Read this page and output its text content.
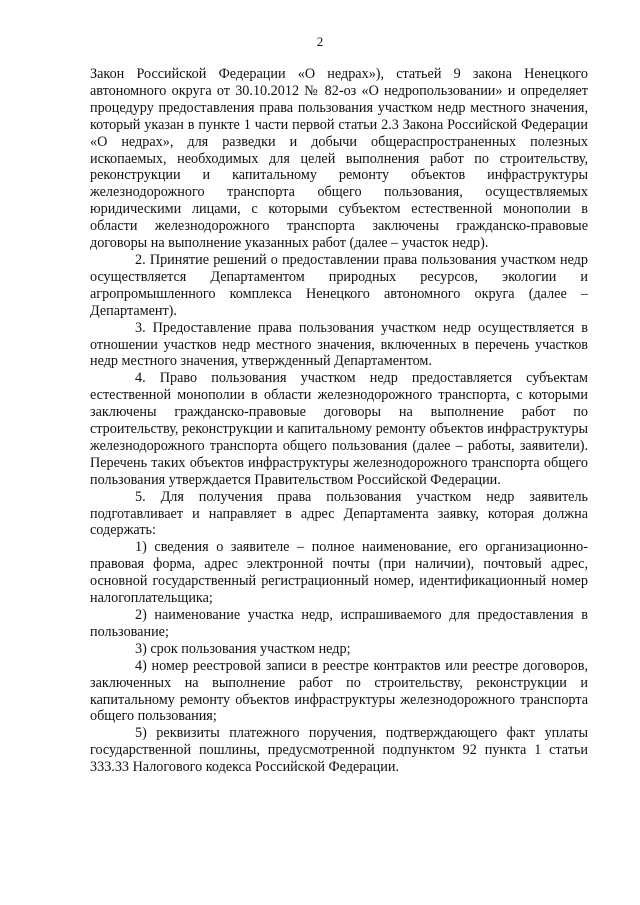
2

Закон Российской Федерации «О недрах»), статьей 9 закона Ненецкого автономного округа от 30.10.2012 № 82-оз «О недропользовании» и определяет процедуру предоставления права пользования участком недр местного значения, который указан в пункте 1 части первой статьи 2.3 Закона Российской Федерации «О недрах», для разведки и добычи общераспространенных полезных ископаемых, необходимых для целей выполнения работ по строительству, реконструкции и капитальному ремонту объектов инфраструктуры железнодорожного транспорта общего пользования, осуществляемых юридическими лицами, с которыми субъектом естественной монополии в области железнодорожного транспорта заключены гражданско-правовые договоры на выполнение указанных работ (далее – участок недр).

2. Принятие решений о предоставлении права пользования участком недр осуществляется Департаментом природных ресурсов, экологии и агропромышленного комплекса Ненецкого автономного округа (далее – Департамент).

3. Предоставление права пользования участком недр осуществляется в отношении участков недр местного значения, включенных в перечень участков недр местного значения, утвержденный Департаментом.

4. Право пользования участком недр предоставляется субъектам естественной монополии в области железнодорожного транспорта, с которыми заключены гражданско-правовые договоры на выполнение работ по строительству, реконструкции и капитальному ремонту объектов инфраструктуры железнодорожного транспорта общего пользования (далее – работы, заявители). Перечень таких объектов инфраструктуры железнодорожного транспорта общего пользования утверждается Правительством Российской Федерации.

5. Для получения права пользования участком недр заявитель подготавливает и направляет в адрес Департамента заявку, которая должна содержать:

1) сведения о заявителе – полное наименование, его организационно-правовая форма, адрес электронной почты (при наличии), почтовый адрес, основной государственный регистрационный номер, идентификационный номер налогоплательщика;

2) наименование участка недр, испрашиваемого для предоставления в пользование;

3) срок пользования участком недр;

4) номер реестровой записи в реестре контрактов или реестре договоров, заключенных на выполнение работ по строительству, реконструкции и капитальному ремонту объектов инфраструктуры железнодорожного транспорта общего пользования;

5) реквизиты платежного поручения, подтверждающего факт уплаты государственной пошлины, предусмотренной подпунктом 92 пункта 1 статьи 333.33 Налогового кодекса Российской Федерации.
